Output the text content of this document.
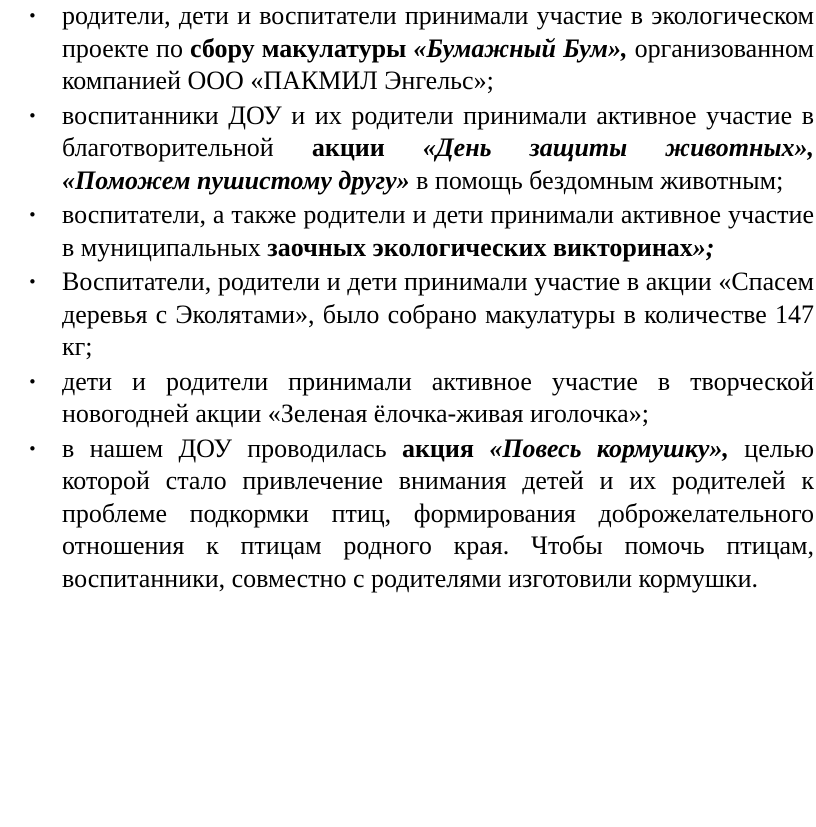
• родители, дети и воспитатели принимали участие в экологическом проекте по сбору макулатуры «Бумажный Бум», организованном компанией ООО «ПАКМИЛ Энгельс»;
• воспитанники ДОУ и их родители принимали активное участие в благотворительной акции «День защиты животных», «Поможем пушистому другу» в помощь бездомным животным;
• воспитатели, а также родители и дети принимали активное участие в муниципальных заочных экологических викторинах»;
• Воспитатели, родители и дети принимали участие в акции «Спасем деревья с Эколятами», было собрано макулатуры в количестве 147 кг;
• дети и родители принимали активное участие в творческой новогодней акции «Зеленая ёлочка-живая иголочка»;
• в нашем ДОУ проводилась акция «Повесь кормушку», целью которой стало привлечение внимания детей и их родителей к проблеме подкормки птиц, формирования доброжелательного отношения к птицам родного края. Чтобы помочь птицам, воспитанники, совместно с родителями изготовили кормушки.
